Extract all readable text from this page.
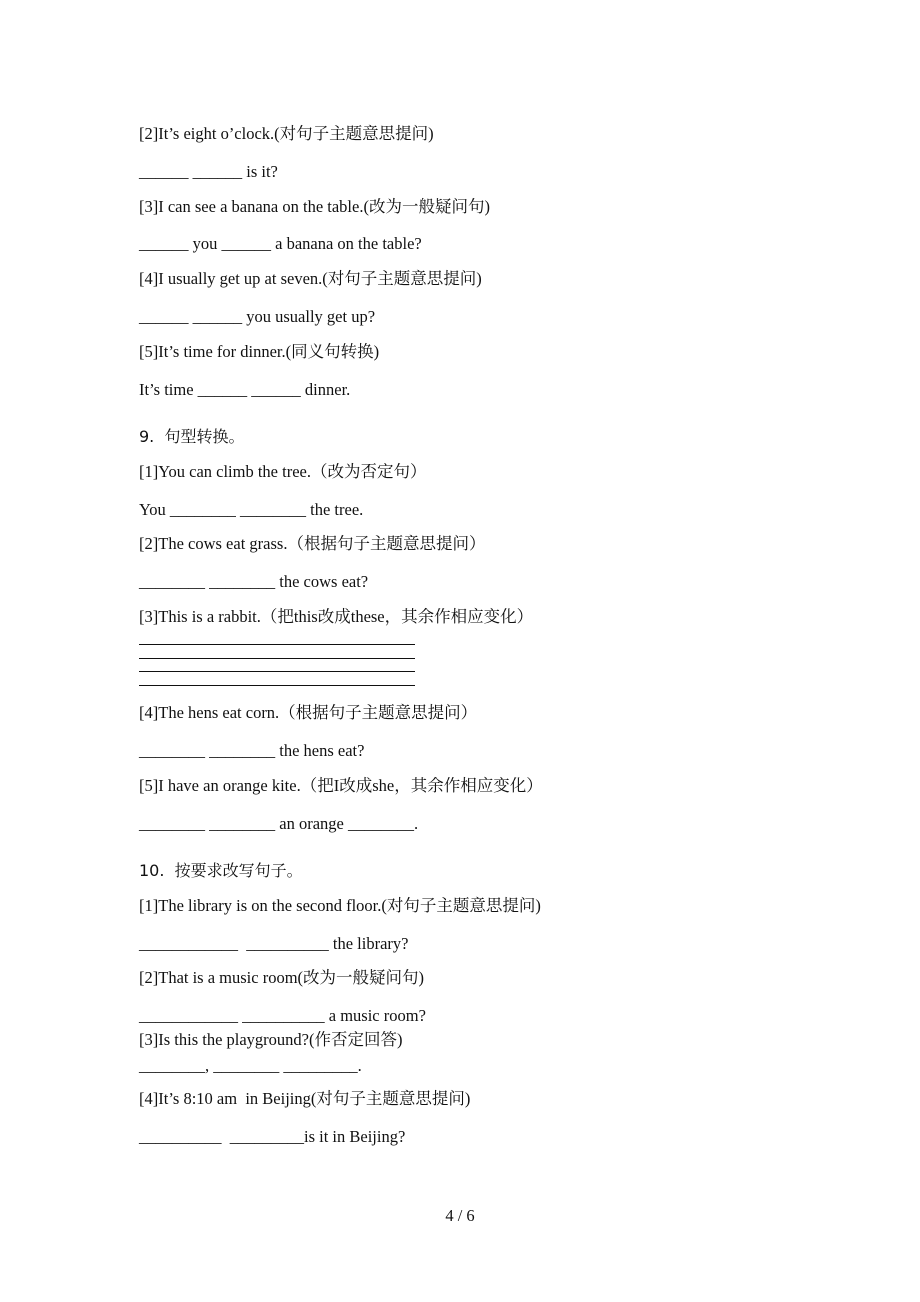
[2]It’s eight o’clock.(对句子主题意思提问)
______ ______ is it?
[3]I can see a banana on the table.(改为一般疑问句)
______ you ______ a banana on the table?
[4]I usually get up at seven.(对句子主题意思提问)
______ ______ you usually get up?
[5]It’s time for dinner.(同义句转换)
It’s time ______ ______ dinner.
9.  句型转换。
[1]You can climb the tree.（改为否定句）
You ________ ________ the tree.
[2]The cows eat grass.（根据句子主题意思提问）
________ ________ the cows eat?
[3]This is a rabbit.（把this改成these，其余作相应变化）
[4]The hens eat corn.（根据句子主题意思提问）
________ ________ the hens eat?
[5]I have an orange kite.（把I改成she，其余作相应变化）
________ ________ an orange ________.
10.  按要求改写句子。
[1]The library is on the second floor.(对句子主题意思提问)
____________  __________ the library?
[2]That is a music room(改为一般疑问句)
____________ __________ a music room?
[3]Is this the playground?(作否定回答)
________, ________ _________.
[4]It’s 8:10 am  in Beijing(对句子主题意思提问)
__________  _________is it in Beijing?
4 / 6
